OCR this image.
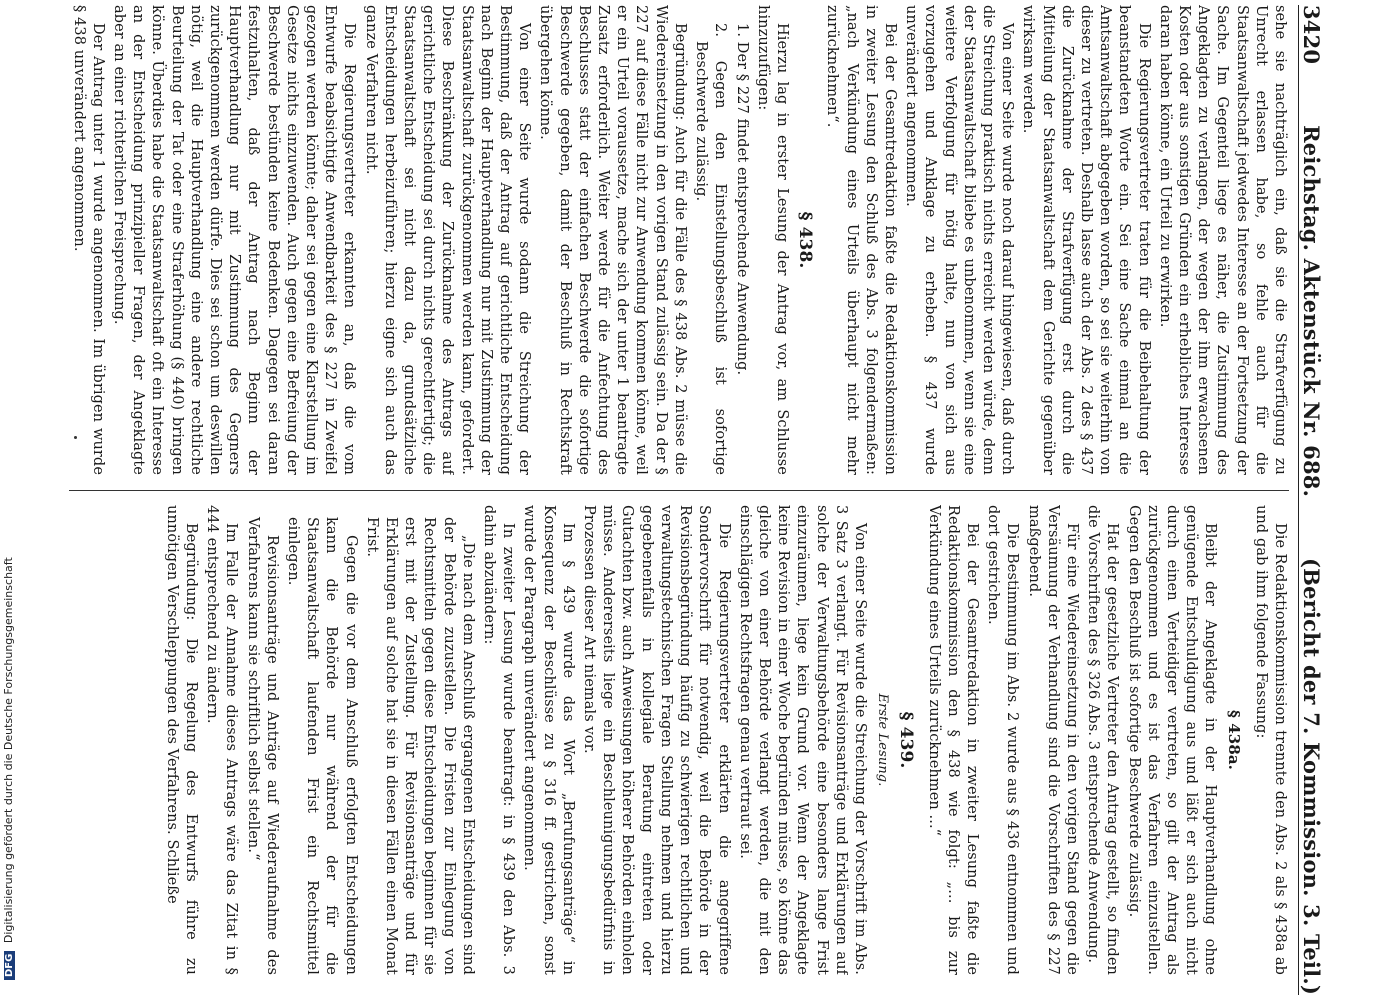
3420
Reichstag. Aktenstück Nr. 688.
(Bericht der 7. Kommission. 3. Teil.)

sehe sie nachträglich ein, daß sie die Strafverfügung zu Unrecht erlassen habe, so fehle auch für die Staatsanwaltschaft jedwedes Interesse an der Fortsetzung der Sache. Im Gegenteil liege es näher, die Zustimmung des Angeklagten zu verlangen, der wegen der ihm erwachsenen Kosten oder aus sonstigen Gründen ein erhebliches Interesse daran haben könne, ein Urteil zu erwirken.

Die Regierungsvertreter traten für die Beibehaltung der beanstandeten Worte ein. Sei eine Sache einmal an die Amtsanwaltschaft abgegeben worden, so sei sie weiterhin von dieser zu vertreten. Deshalb lasse auch der Abs. 2 des § 437 die Zurücknahme der Strafverfügung erst durch die Mitteilung der Staatsanwaltschaft dem Gerichte gegenüber wirksam werden.

Von einer Seite wurde noch darauf hingewiesen, daß durch die Streichung praktisch nichts erreicht werden würde, denn der Staatsanwaltschaft bliebe es unbenommen, wenn sie eine weitere Verfolgung für nötig halte, nun von sich aus vorzugehen und Anklage zu erheben. § 437 wurde unverändert angenommen.

Bei der Gesamtredaktion faßte die Redaktionskommission in zweiter Lesung den Schluß des Abs. 3 folgendermaßen: „nach Verkündung eines Urteils überhaupt nicht mehr zurücknehmen“.

§ 438.

Hierzu lag in erster Lesung der Antrag vor, am Schlusse hinzuzufügen:

1. Der § 227 findet entsprechende Anwendung.

2. Gegen den Einstellungsbeschluß ist sofortige Beschwerde zulässig.

Begründung: Auch für die Fälle des § 438 Abs. 2 müsse die Wiedereinsetzung in den vorigen Stand zulässig sein. Da der § 227 auf diese Fälle nicht zur Anwendung kommen könne, weil er ein Urteil voraussetze, mache sich der unter 1 beantragte Zusatz erforderlich. Weiter werde für die Anfechtung des Beschlusses statt der einfachen Beschwerde die sofortige Beschwerde gegeben, damit der Beschluß in Rechtskraft übergehen könne.

Von einer Seite wurde sodann die Streichung der Bestimmung, daß der Antrag auf gerichtliche Entscheidung nach Beginn der Hauptverhandlung nur mit Zustimmung der Staatsanwaltschaft zurückgenommen werden kann, gefordert. Diese Beschränkung der Zurücknahme des Antrags auf gerichtliche Entscheidung sei durch nichts gerechtfertigt; die Staatsanwaltschaft sei nicht dazu da, grundsätzliche Entscheidungen herbeizuführen; hierzu eigne sich auch das ganze Verfahren nicht.

Die Regierungsvertreter erkannten an, daß die vom Entwurfe beabsichtigte Anwendbarkeit des § 227 in Zweifel gezogen werden könnte; daher sei gegen eine Klarstellung im Gesetze nichts einzuwenden. Auch gegen eine Befreiung der Beschwerde bestünden keine Bedenken. Dagegen sei daran festzuhalten, daß der Antrag nach Beginn der Hauptverhandlung nur mit Zustimmung des Gegners zurückgenommen werden dürfe. Dies sei schon um deswillen nötig, weil die Hauptverhandlung eine andere rechtliche Beurteilung der Tat oder eine Straferhöhung (§ 440) bringen könne. Überdies habe die Staatsanwaltschaft oft ein Interesse an der Entscheidung prinzipieller Fragen, der Angeklagte aber an einer richterlichen Freisprechung.

Der Antrag unter 1 wurde angenommen. Im übrigen wurde § 438 unverändert angenommen.

Die Redaktionskommission trennte den Abs. 2 als § 438a ab und gab ihm folgende Fassung:

§ 438a.

Bleibt der Angeklagte in der Hauptverhandlung ohne genügende Entschuldigung aus und läßt er sich auch nicht durch einen Verteidiger vertreten, so gilt der Antrag als zurückgenommen und es ist das Verfahren einzustellen. Gegen den Beschluß ist sofortige Beschwerde zulässig.

Hat der gesetzliche Vertreter den Antrag gestellt, so finden die Vorschriften des § 326 Abs. 3 entsprechende Anwendung.

Für eine Wiedereinsetzung in den vorigen Stand gegen die Versäumung der Verhandlung sind die Vorschriften des § 227 maßgebend.

Die Bestimmung im Abs. 2 wurde aus § 436 entnommen und dort gestrichen.

Bei der Gesamtredaktion in zweiter Lesung faßte die Redaktionskommission den § 438 wie folgt: „... bis zur Verkündung eines Urteils zurücknehmen ...“

§ 439.
Erste Lesung.

Von einer Seite wurde die Streichung der Vorschrift im Abs. 3 Satz 3 verlangt. Für Revisionsanträge und Erklärungen auf solche der Verwaltungsbehörde eine besonders lange Frist einzuräumen, liege kein Grund vor. Wenn der Angeklagte keine Revision in einer Woche begründen müsse, so könne das gleiche von einer Behörde verlangt werden, die mit den einschlägigen Rechtsfragen genau vertraut sei.

Die Regierungsvertreter erklärten die angegriffene Sondervorschrift für notwendig, weil die Behörde in der Revisionsbegründung häufig zu schwierigen rechtlichen und verwaltungstechnischen Fragen Stellung nehmen und hierzu gegebenenfalls in kollegiale Beratung eintreten oder Gutachten bzw. auch Anweisungen höherer Behörden einholen müsse. Andererseits liege ein Beschleunigungsbedürfnis in Prozessen dieser Art niemals vor.

Im § 439 wurde das Wort „Berufungsanträge“ in Konsequenz der Beschlüsse zu § 316 ff. gestrichen, sonst wurde der Paragraph unverändert angenommen.

In zweiter Lesung wurde beantragt: in § 439 den Abs. 3 dahin abzuändern:

„Die nach dem Anschluß ergangenen Entscheidungen sind der Behörde zuzustellen. Die Fristen zur Einlegung von Rechtsmitteln gegen diese Entscheidungen beginnen für sie erst mit der Zustellung. Für Revisionsanträge und für Erklärungen auf solche hat sie in diesen Fällen einen Monat Frist.

Gegen die vor dem Anschluß erfolgten Entscheidungen kann die Behörde nur während der für die Staatsanwaltschaft laufenden Frist ein Rechtsmittel einlegen.

Revisionsanträge und Anträge auf Wiederaufnahme des Verfahrens kann sie schriftlich selbst stellen.“

Im Falle der Annahme dieses Antrags wäre das Zitat in § 444 entsprechend zu ändern.

Begründung: Die Regelung des Entwurfs führe zu unnötigen Verschleppungen des Verfahrens. Schließe

DFG Digitalisierung gefördert durch die Deutsche Forschungsgemeinschaft
